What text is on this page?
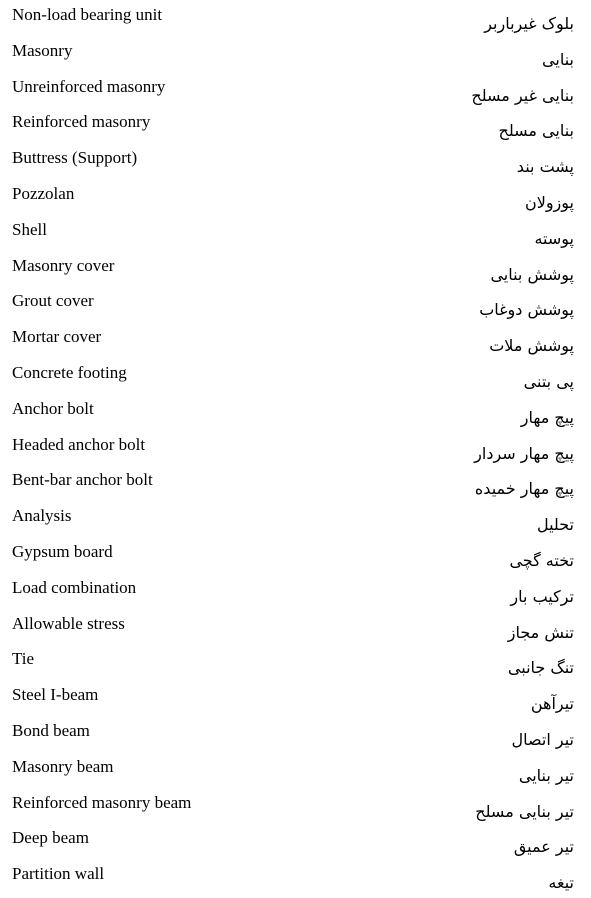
Non-load bearing unit	بلوک غیرباربر
Masonry	بنایی
Unreinforced masonry	بنایی غیر مسلح
Reinforced masonry	بنایی مسلح
Buttress (Support)	پشت بند
Pozzolan	پوزولان
Shell	پوسته
Masonry cover	پوشش بنایی
Grout cover	پوشش دوغاب
Mortar cover	پوشش ملات
Concrete footing	پی بتنی
Anchor bolt	پیچ مهار
Headed anchor bolt	پیچ مهار سردار
Bent-bar anchor bolt	پیچ مهار خمیده
Analysis	تحلیل
Gypsum board	تخته گچی
Load combination	ترکیب بار
Allowable stress	تنش مجاز
Tie	تنگ جانبی
Steel I-beam	تیرآهن
Bond beam	تیر اتصال
Masonry beam	تیر بنایی
Reinforced masonry beam	تیر بنایی مسلح
Deep beam	تیر عمیق
Partition wall	تیغه
